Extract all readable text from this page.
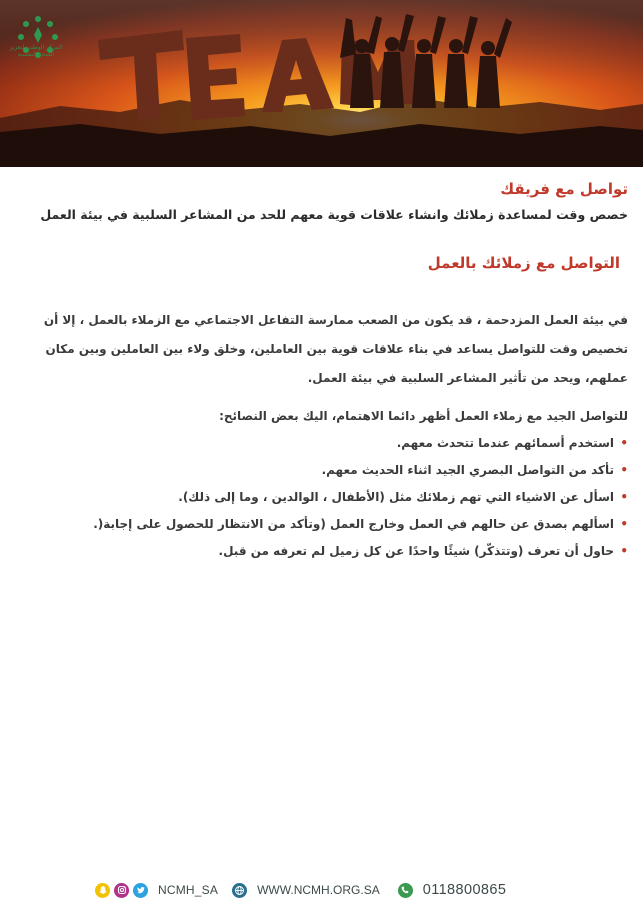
المركز الوطني لتعزيز الصحة النفسية
تواصل مع فريقك

خصص وقت لمساعدة زملائك وانشاء علاقات قوية معهم للحد من المشاعر السلبية في بيئة العمل

التواصل مع زملائك بالعمل

في بيئة العمل المزدحمة ، قد يكون من الصعب ممارسة التفاعل الاجتماعي مع الزملاء بالعمل ، إلا أن تخصيص وقت للتواصل يساعد في بناء علاقات قوية بين العاملين، وخلق ولاء بين العاملين وبين مكان عملهم، ويحد من تأثير المشاعر السلبية في بيئة العمل.

للتواصل الجيد مع زملاء العمل أظهر دائما الاهتمام، اليك بعض النصائح:

•
استخدم أسمائهم عندما تتحدث معهم.
•
تأكد من التواصل البصري الجيد اثناء الحديث معهم.
•
اسأل عن الاشياء التي تهم زملائك مثل (الأطفال ، الوالدين ، وما إلى ذلك).
•
اسألهم بصدق عن حالهم في العمل وخارج العمل (وتأكد من الانتظار للحصول على إجابة(.
•
حاول أن تعرف (وتتذكّر) شيئًا واحدًا عن كل زميل لم تعرفه من قبل.
NCMH_SA	WWW.NCMH.ORG.SA	0118800865
